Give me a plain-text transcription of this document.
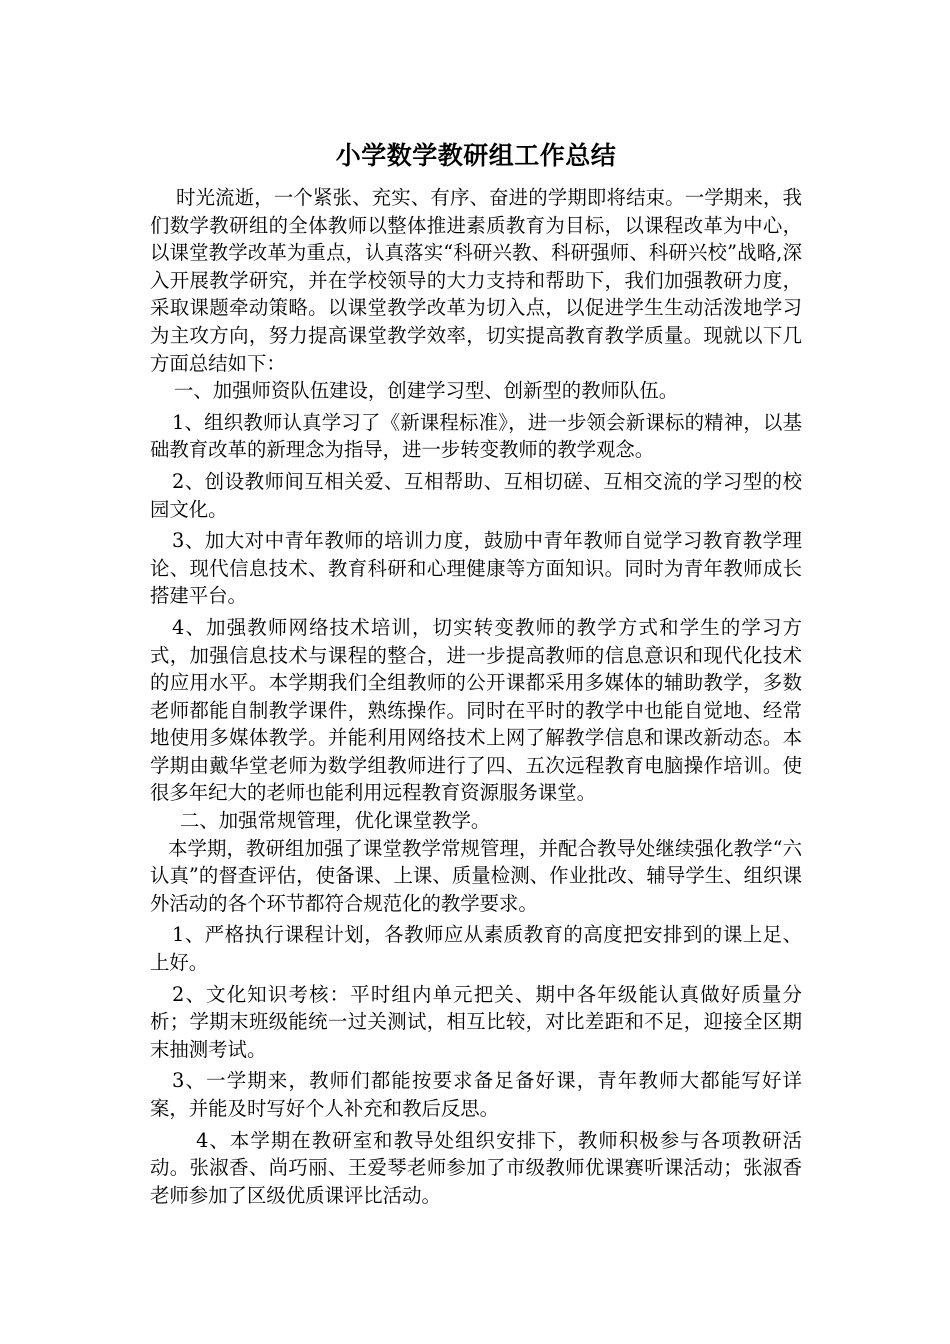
小学数学教研组工作总结

时光流逝，一个紧张、充实、有序、奋进的学期即将结束。一学期来，我们数学教研组的全体教师以整体推进素质教育为目标，以课程改革为中心，以课堂教学改革为重点，认真落实“科研兴教、科研强师、科研兴校”战略,深入开展教学研究，并在学校领导的大力支持和帮助下，我们加强教研力度，采取课题牵动策略。以课堂教学改革为切入点，以促进学生生动活泼地学习为主攻方向，努力提高课堂教学效率，切实提高教育教学质量。现就以下几方面总结如下：

一、加强师资队伍建设，创建学习型、创新型的教师队伍。

1、组织教师认真学习了《新课程标准》，进一步领会新课标的精神，以基础教育改革的新理念为指导，进一步转变教师的教学观念。

2、创设教师间互相关爱、互相帮助、互相切磋、互相交流的学习型的校园文化。

3、加大对中青年教师的培训力度，鼓励中青年教师自觉学习教育教学理论、现代信息技术、教育科研和心理健康等方面知识。同时为青年教师成长搭建平台。

4、加强教师网络技术培训，切实转变教师的教学方式和学生的学习方式，加强信息技术与课程的整合，进一步提高教师的信息意识和现代化技术的应用水平。本学期我们全组教师的公开课都采用多媒体的辅助教学，多数老师都能自制教学课件，熟练操作。同时在平时的教学中也能自觉地、经常地使用多媒体教学。并能利用网络技术上网了解教学信息和课改新动态。本学期由戴华堂老师为数学组教师进行了四、五次远程教育电脑操作培训。使很多年纪大的老师也能利用远程教育资源服务课堂。

二、加强常规管理，优化课堂教学。

本学期，教研组加强了课堂教学常规管理，并配合教导处继续强化教学“六认真”的督查评估，使备课、上课、质量检测、作业批改、辅导学生、组织课外活动的各个环节都符合规范化的教学要求。

1、严格执行课程计划，各教师应从素质教育的高度把安排到的课上足、上好。

2、文化知识考核：平时组内单元把关、期中各年级能认真做好质量分析；学期末班级能统一过关测试，相互比较，对比差距和不足，迎接全区期末抽测考试。

3、一学期来，教师们都能按要求备足备好课，青年教师大都能写好详案，并能及时写好个人补充和教后反思。

4、本学期在教研室和教导处组织安排下，教师积极参与各项教研活动。张淑香、尚巧丽、王爱琴老师参加了市级教师优课赛听课活动；张淑香老师参加了区级优质课评比活动。
